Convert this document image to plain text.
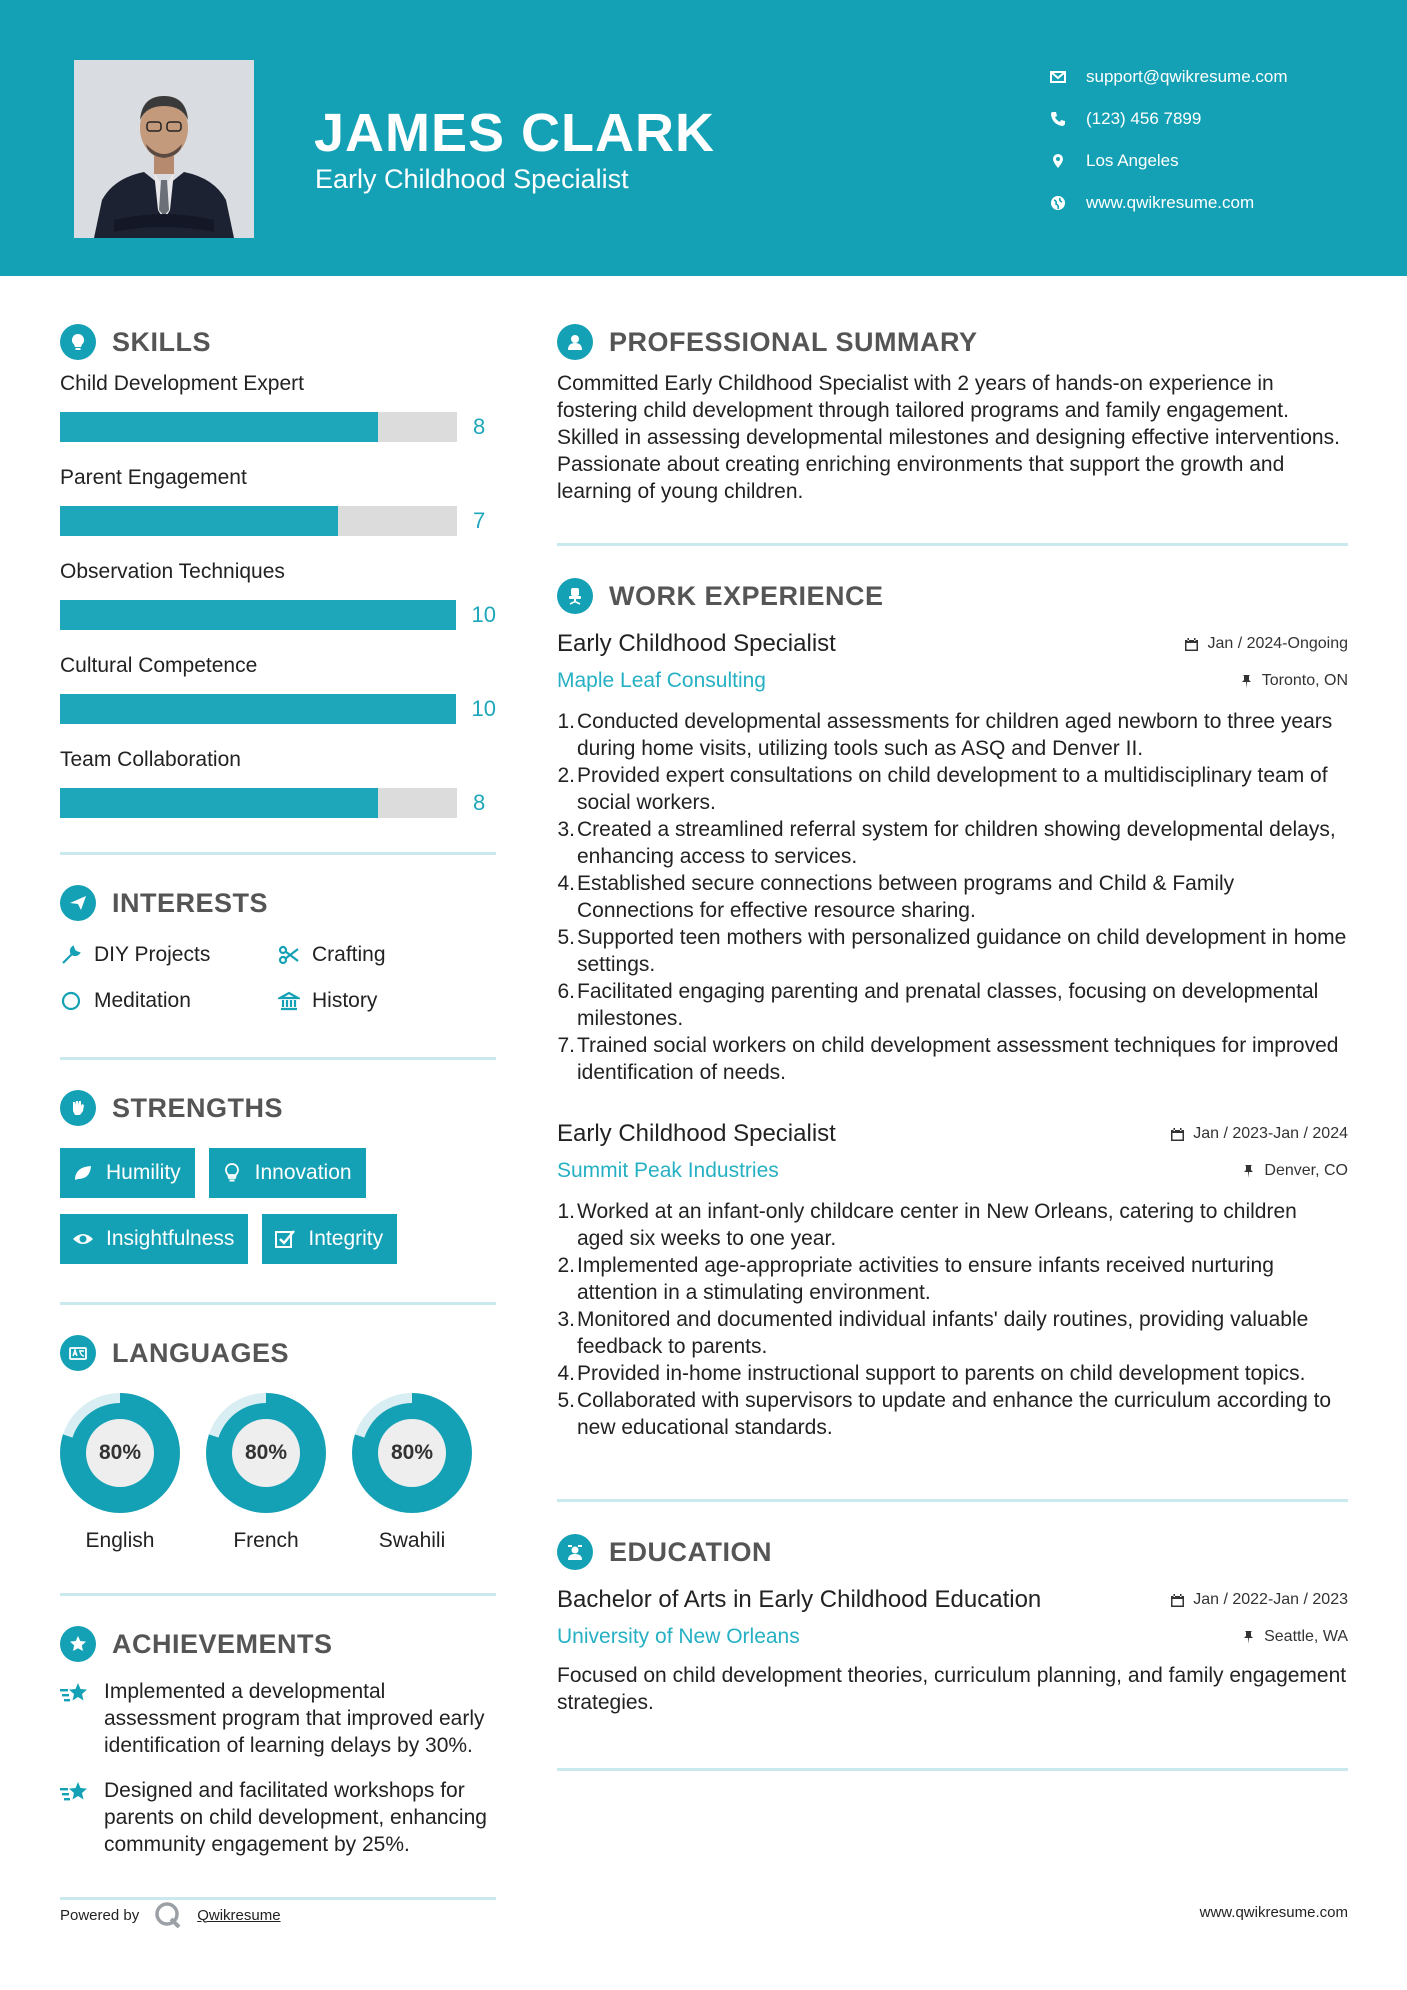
JAMES CLARK
Early Childhood Specialist
support@qwikresume.com
(123) 456 7899
Los Angeles
www.qwikresume.com
SKILLS
Child Development Expert
8
Parent Engagement
7
Observation Techniques
10
Cultural Competence
10
Team Collaboration
8
INTERESTS
DIY Projects	Crafting
Meditation	History
STRENGTHS
Humility	Innovation
Insightfulness	Integrity
LANGUAGES
80%
English
80%
French
80%
Swahili
ACHIEVEMENTS

Implemented a developmental assessment program that improved early identification of learning delays by 30%.

Designed and facilitated workshops for parents on child development, enhancing community engagement by 25%.

PROFESSIONAL SUMMARY

Committed Early Childhood Specialist with 2 years of hands-on experience in fostering child development through tailored programs and family engagement. Skilled in assessing developmental milestones and designing effective interventions. Passionate about creating enriching environments that support the growth and learning of young children.

WORK EXPERIENCE
Early Childhood Specialist	Jan / 2024-Ongoing
Maple Leaf Consulting	Toronto, ON
1. Conducted developmental assessments for children aged newborn to three years during home visits, utilizing tools such as ASQ and Denver II.
2. Provided expert consultations on child development to a multidisciplinary team of social workers.
3. Created a streamlined referral system for children showing developmental delays, enhancing access to services.
4. Established secure connections between programs and Child & Family Connections for effective resource sharing.
5. Supported teen mothers with personalized guidance on child development in home settings.
6. Facilitated engaging parenting and prenatal classes, focusing on developmental milestones.
7. Trained social workers on child development assessment techniques for improved identification of needs.
Early Childhood Specialist	Jan / 2023-Jan / 2024
Summit Peak Industries	Denver, CO
1. Worked at an infant-only childcare center in New Orleans, catering to children aged six weeks to one year.
2. Implemented age-appropriate activities to ensure infants received nurturing attention in a stimulating environment.
3. Monitored and documented individual infants' daily routines, providing valuable feedback to parents.
4. Provided in-home instructional support to parents on child development topics.
5. Collaborated with supervisors to update and enhance the curriculum according to new educational standards.
EDUCATION
Bachelor of Arts in Early Childhood Education	Jan / 2022-Jan / 2023
University of New Orleans	Seattle, WA

Focused on child development theories, curriculum planning, and family engagement strategies.

Powered by	Qwikresume	www.qwikresume.com
